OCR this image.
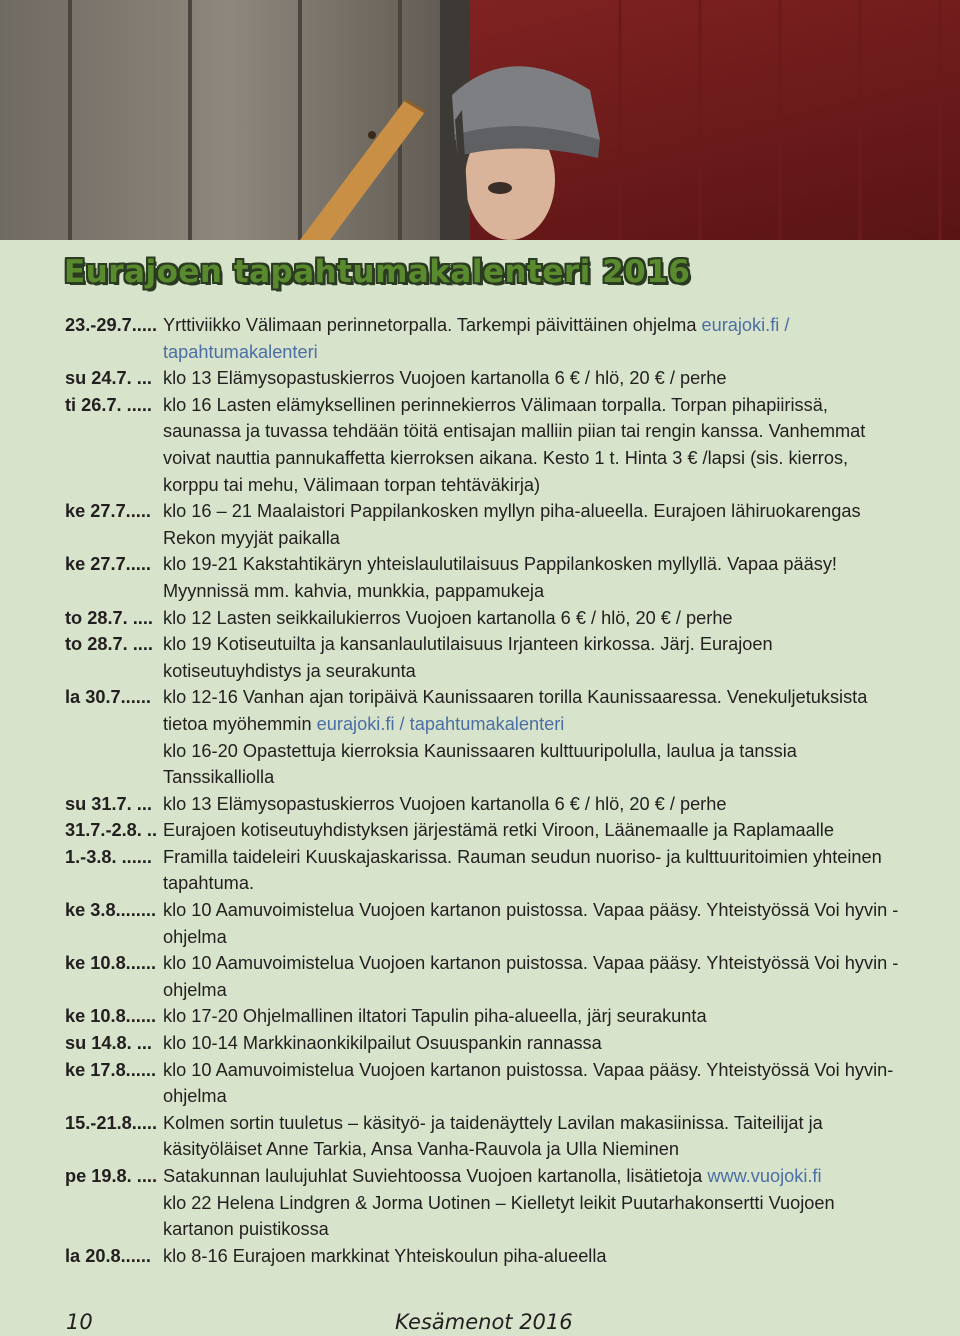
Eurajoen tapahtumakalenteri 2016
23.-29.7..... Yrttiviikko Välimaan perinnetorpalla. Tarkempi päivittäinen ohjelma eurajoki.fi / tapahtumakalenteri
su 24.7. ... klo 13 Elämysopastuskierros Vuojoen kartanolla 6 € / hlö, 20 € / perhe
ti 26.7. ..... klo 16 Lasten elämyksellinen perinnekierros Välimaan torpalla. Torpan pihapiirissä, saunassa ja tuvassa tehdään töitä entisajan malliin piian tai rengin kanssa. Vanhemmat voivat nauttia pannukaffetta kierroksen aikana. Kesto 1 t. Hinta 3 € /lapsi (sis. kierros, korppu tai mehu, Välimaan torpan tehtäväkirja)
ke 27.7..... klo 16 – 21 Maalaistori Pappilankosken myllyn piha-alueella. Eurajoen lähiruokarengas Rekon myyjät paikalla
ke 27.7..... klo 19-21 Kakstahtikäryn yhteislaulutilaisuus Pappilankosken myllyllä. Vapaa pääsy! Myynnissä mm. kahvia, munkkia, pappamukeja
to 28.7. .... klo 12 Lasten seikkailukierros Vuojoen kartanolla 6 € / hlö, 20 € / perhe
to 28.7. .... klo 19 Kotiseutuilta ja kansanlaulutilaisuus Irjanteen kirkossa. Järj. Eurajoen kotiseutuyhdistys ja seurakunta
la 30.7...... klo 12-16 Vanhan ajan toripäivä Kaunissaaren torilla Kaunissaaressa. Venekuljetuksista tietoa myöhemmin eurajoki.fi / tapahtumakalenteri
klo 16-20 Opastettuja kierroksia Kaunissaaren kulttuuripolulla, laulua ja tanssia Tanssikalliolla
su 31.7. ... klo 13 Elämysopastuskierros Vuojoen kartanolla 6 € / hlö, 20 € / perhe
31.7.-2.8. .. Eurajoen kotiseutuyhdistyksen järjestämä retki Viroon, Läänemaalle ja Raplamaalle
1.-3.8. ...... Framilla taideleiri Kuuskajaskarissa. Rauman seudun nuoriso- ja kulttuuritoimien yhteinen tapahtuma.
ke 3.8........ klo 10 Aamuvoimistelua Vuojoen kartanon puistossa. Vapaa pääsy. Yhteistyössä Voi hyvin -ohjelma
ke 10.8...... klo 10 Aamuvoimistelua Vuojoen kartanon puistossa. Vapaa pääsy. Yhteistyössä Voi hyvin -ohjelma
ke 10.8...... klo 17-20 Ohjelmallinen iltatori Tapulin piha-alueella, järj seurakunta
su 14.8. ... klo 10-14 Markkinaonkikilpailut Osuuspankin rannassa
ke 17.8...... klo 10 Aamuvoimistelua Vuojoen kartanon puistossa. Vapaa pääsy. Yhteistyössä Voi hyvin-ohjelma
15.-21.8..... Kolmen sortin tuuletus – käsityö- ja taidenäyttely Lavilan makasiinissa. Taiteilijat ja käsityöläiset Anne Tarkia, Ansa Vanha-Rauvola ja Ulla Nieminen
pe 19.8. .... Satakunnan laulujuhlat Suviehtoossa Vuojoen kartanolla, lisätietoja www.vuojoki.fi
klo 22 Helena Lindgren & Jorma Uotinen – Kielletyt leikit Puutarhakonsertti Vuojoen kartanon puistikossa
la 20.8...... klo 8-16 Eurajoen markkinat Yhteiskoulun piha-alueella
10	Kesämenot 2016
